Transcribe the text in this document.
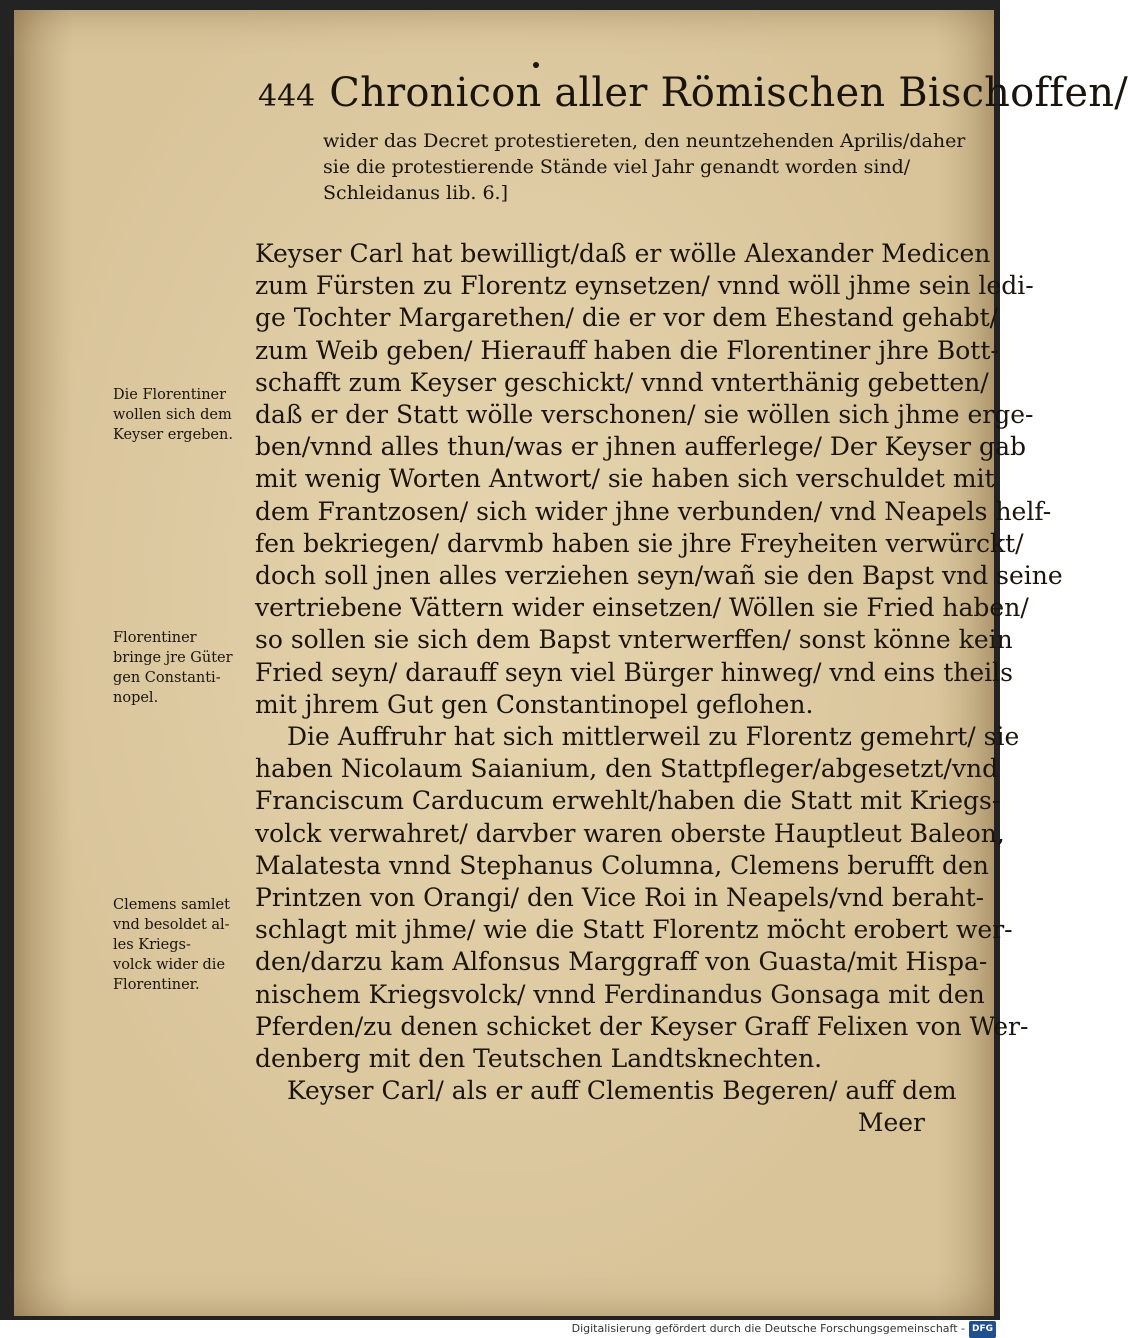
444 Chronicon aller Römischen Bischoffen/
wider das Decret protestiereten, den neuntzehenden Aprilis/daher
sie die protestierende Stände viel Jahr genandt worden sind/
Schleidanus lib. 6.]
Keyser Carl hat bewilligt/daß er wölle Alexander Medicen
zum Fürsten zu Florentz eynsetzen/ vnnd wöll jhme sein ledi-
ge Tochter Margarethen/ die er vor dem Ehestand gehabt/
zum Weib geben/ Hierauff haben die Florentiner jhre Bott-
schafft zum Keyser geschickt/ vnnd vnterthänig gebetten/
daß er der Statt wölle verschonen/ sie wöllen sich jhme erge-
ben/vnnd alles thun/was er jhnen aufferlege/ Der Keyser gab
mit wenig Worten Antwort/ sie haben sich verschuldet mit
dem Frantzosen/ sich wider jhne verbunden/ vnd Neapels helf-
fen bekriegen/ darvmb haben sie jhre Freyheiten verwürckt/
doch soll jnen alles verziehen seyn/wañ sie den Bapst vnd seine
vertriebene Vättern wider einsetzen/ Wöllen sie Fried haben/
so sollen sie sich dem Bapst vnterwerffen/ sonst könne kein
Fried seyn/ darauff seyn viel Bürger hinweg/ vnd eins theils
mit jhrem Gut gen Constantinopel geflohen.
Die Auffruhr hat sich mittlerweil zu Florentz gemehrt/ sie
haben Nicolaum Saianium, den Stattpfleger/abgesetzt/vnd
Franciscum Carducum erwehlt/haben die Statt mit Kriegs-
volck verwahret/ darvber waren oberste Hauptleut Baleon,
Malatesta vnnd Stephanus Columna, Clemens berufft den
Printzen von Orangi/ den Vice Roi in Neapels/vnd beraht-
schlagt mit jhme/ wie die Statt Florentz möcht erobert wer-
den/darzu kam Alfonsus Marggraff von Guasta/mit Hispa-
nischem Kriegsvolck/ vnnd Ferdinandus Gonsaga mit den
Pferden/zu denen schicket der Keyser Graff Felixen von Wer-
denberg mit den Teutschen Landtsknechten.
Keyser Carl/ als er auff Clementis Begeren/ auff dem
Meer
Die Florentiner
wollen sich dem
Keyser ergeben.
Florentiner
bringe jre Güter
gen Constanti-
nopel.
Clemens samlet
vnd besoldet al-
les Kriegs-
volck wider die
Florentiner.
Digitalisierung gefördert durch die Deutsche Forschungsgemeinschaft - DFG
